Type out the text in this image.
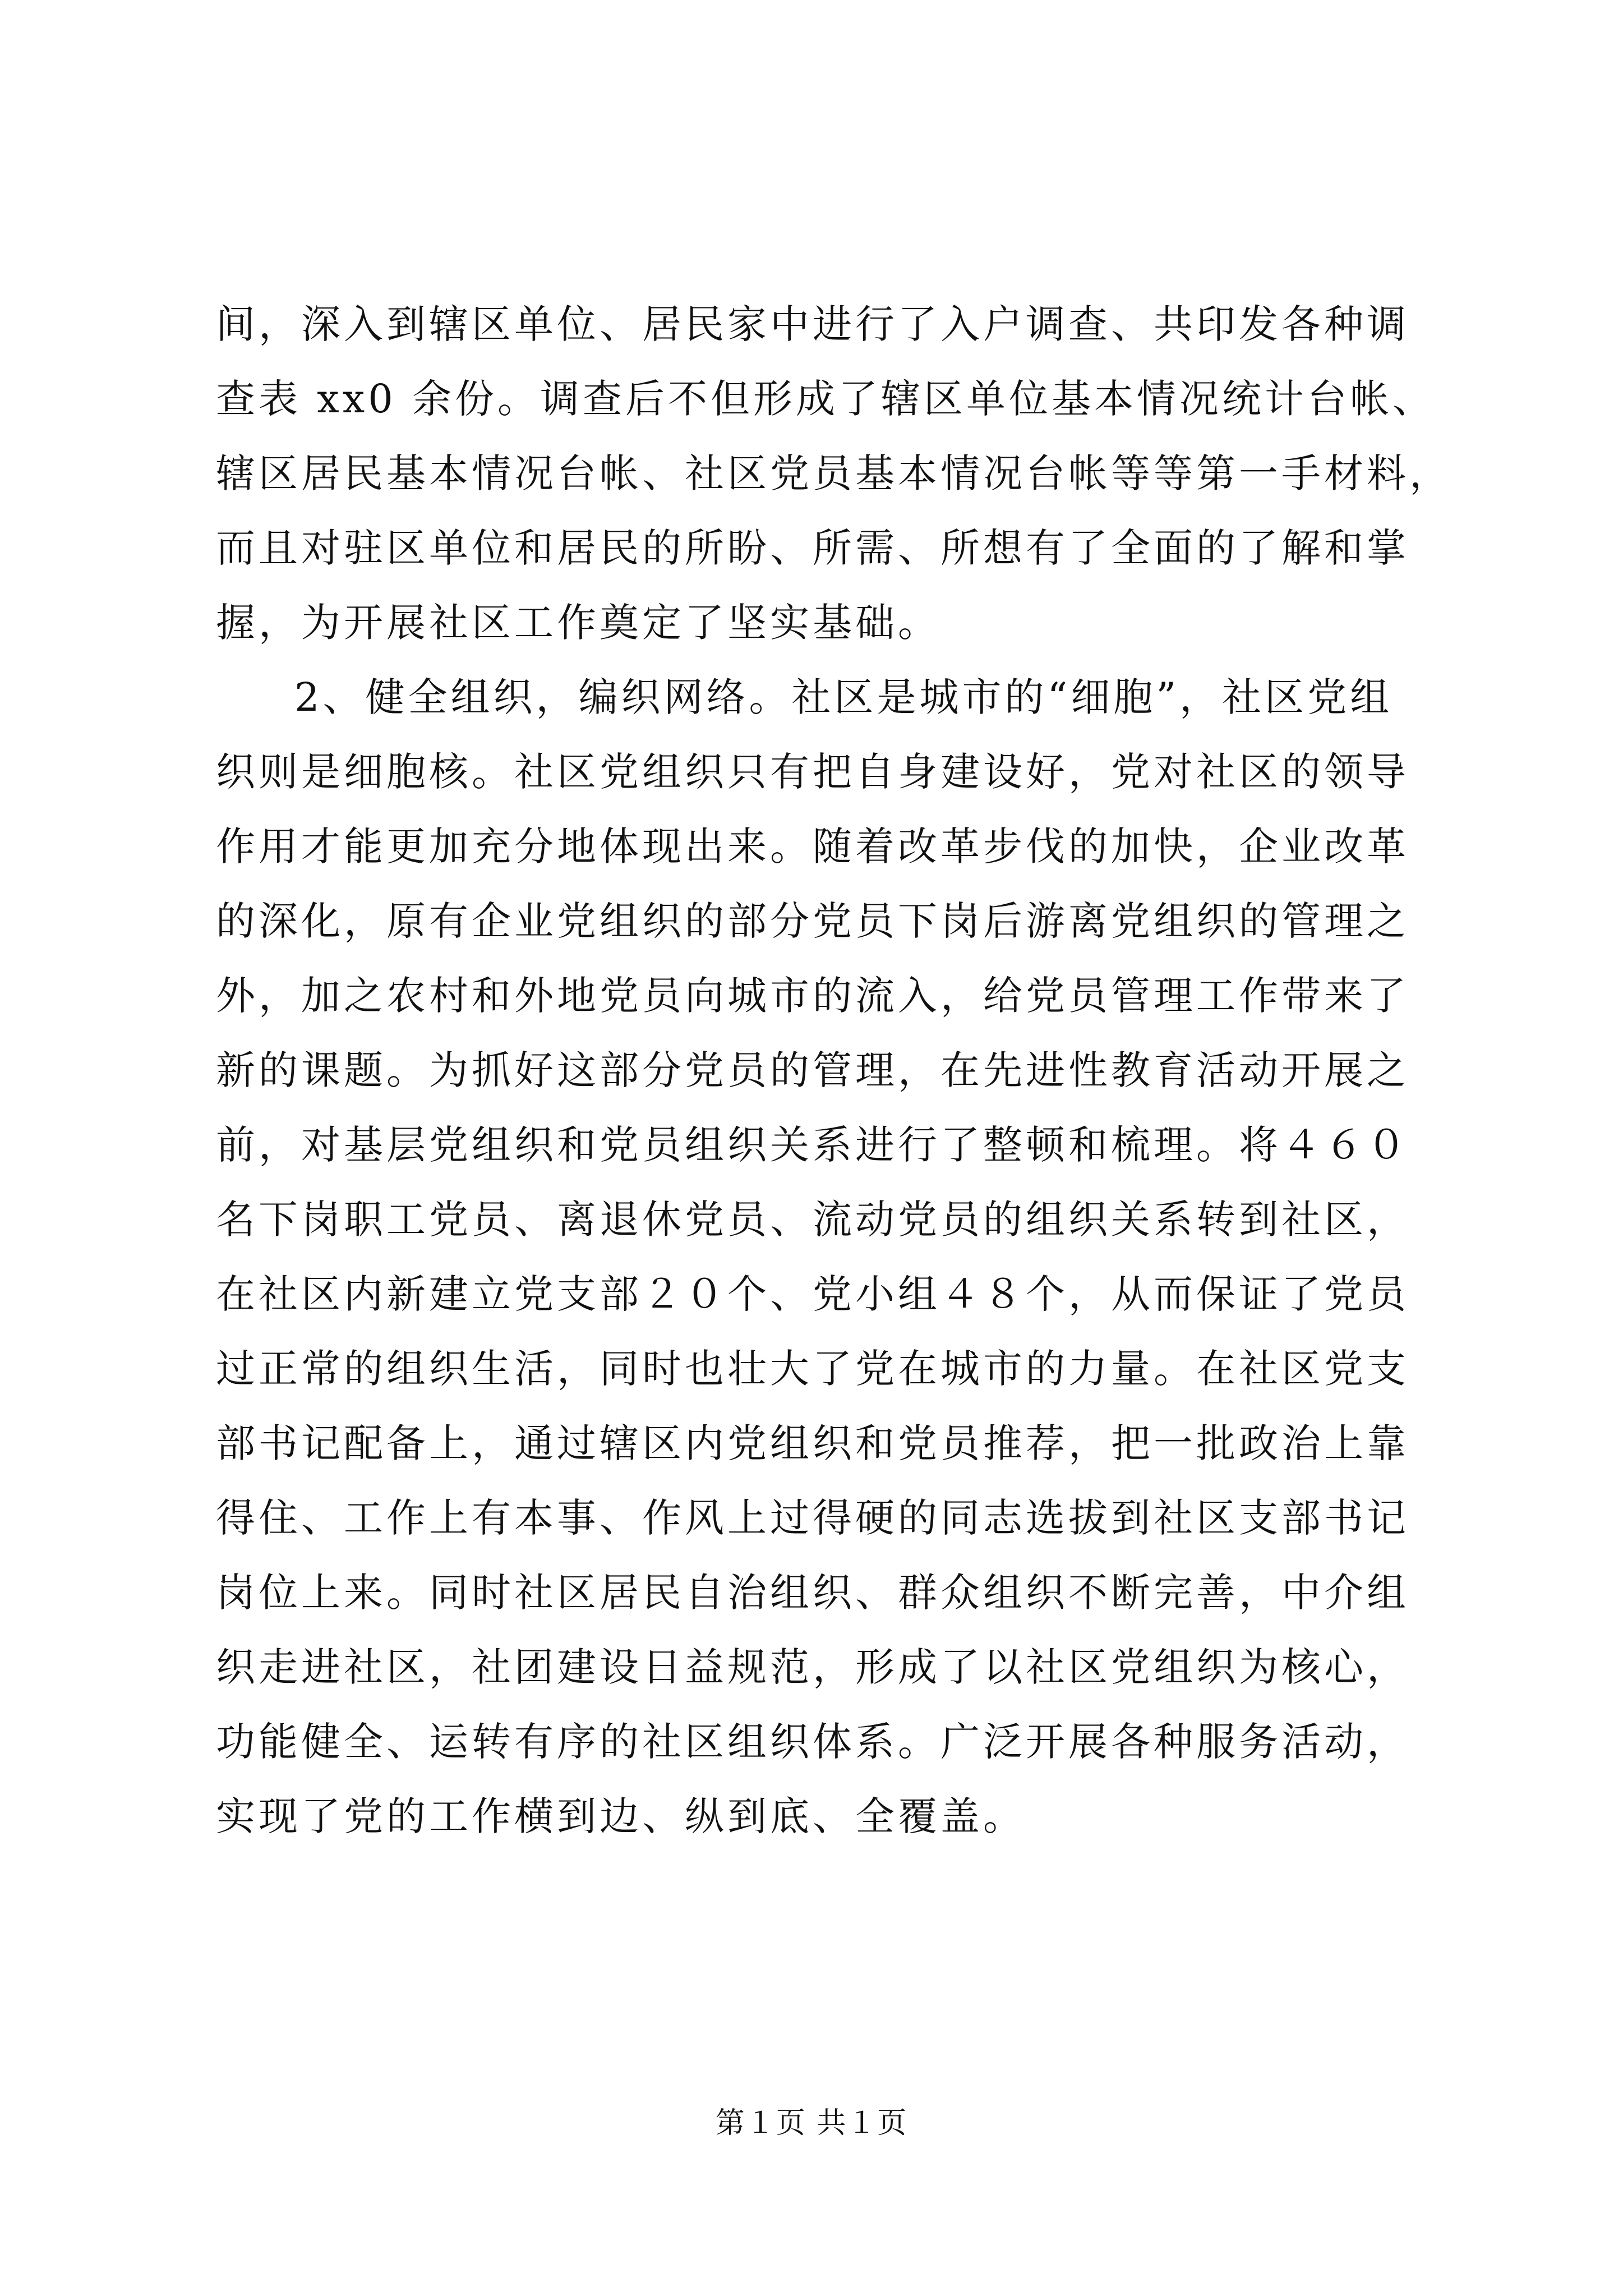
间，深入到辖区单位、居民家中进行了入户调查、共印发各种调
查表 xx0 余份。调查后不但形成了辖区单位基本情况统计台帐、
辖区居民基本情况台帐、社区党员基本情况台帐等等第一手材料，
而且对驻区单位和居民的所盼、所需、所想有了全面的了解和掌
握，为开展社区工作奠定了坚实基础。
2、健全组织，编织网络。社区是城市的“细胞”，社区党组
织则是细胞核。社区党组织只有把自身建设好，党对社区的领导
作用才能更加充分地体现出来。随着改革步伐的加快，企业改革
的深化，原有企业党组织的部分党员下岗后游离党组织的管理之
外，加之农村和外地党员向城市的流入，给党员管理工作带来了
新的课题。为抓好这部分党员的管理，在先进性教育活动开展之
前，对基层党组织和党员组织关系进行了整顿和梳理。将４６０
名下岗职工党员、离退休党员、流动党员的组织关系转到社区，
在社区内新建立党支部２０个、党小组４８个，从而保证了党员
过正常的组织生活，同时也壮大了党在城市的力量。在社区党支
部书记配备上，通过辖区内党组织和党员推荐，把一批政治上靠
得住、工作上有本事、作风上过得硬的同志选拔到社区支部书记
岗位上来。同时社区居民自治组织、群众组织不断完善，中介组
织走进社区，社团建设日益规范，形成了以社区党组织为核心，
功能健全、运转有序的社区组织体系。广泛开展各种服务活动，
实现了党的工作横到边、纵到底、全覆盖。
第１页 共１页
